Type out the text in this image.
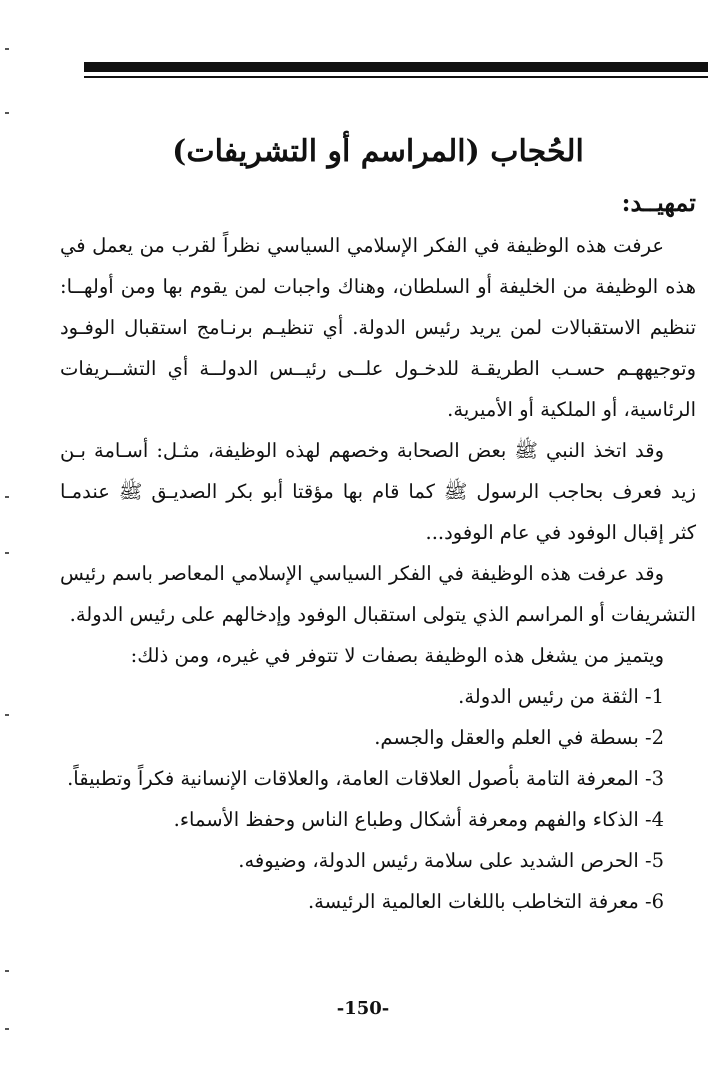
الحُجاب (المراسم أو التشريفات)
تمهيــد:
عرفت هذه الوظيفة في الفكر الإسلامي السياسي نظراً لقرب من يعمل في
هذه الوظيفة من الخليفة أو السلطان، وهناك واجبات لمن يقوم بها ومن أولهــا:
تنظيم الاستقبالات لمن يريد رئيس الدولة. أي تنظيـم برنـامج استقبال الوفـود
وتوجيههـم حسـب الطريقـة للدخـول علــى رئيــس الدولــة أي التشــريفات
الرئاسية، أو الملكية أو الأميرية.
وقد اتخذ النبي ﷺ بعض الصحابة وخصهم لهذه الوظيفة، مثـل: أسـامة بـن
زيد فعرف بحاجب الرسول ﷺ كما قام بها مؤقتا أبو بكر الصديـق ﷺ عندمـا
كثر إقبال الوفود في عام الوفود...
وقد عرفت هذه الوظيفة في الفكر السياسي الإسلامي المعاصر باسم رئيس
التشريفات أو المراسم الذي يتولى استقبال الوفود وإدخالهم على رئيس الدولة.
ويتميز من يشغل هذه الوظيفة بصفات لا تتوفر في غيره، ومن ذلك:
1- الثقة من رئيس الدولة.
2- بسطة في العلم والعقل والجسم.
3- المعرفة التامة بأصول العلاقات العامة، والعلاقات الإنسانية فكراً وتطبيقاً.
4- الذكاء والفهم ومعرفة أشكال وطباع الناس وحفظ الأسماء.
5- الحرص الشديد على سلامة رئيس الدولة، وضيوفه.
6- معرفة التخاطب باللغات العالمية الرئيسة.
-150-
